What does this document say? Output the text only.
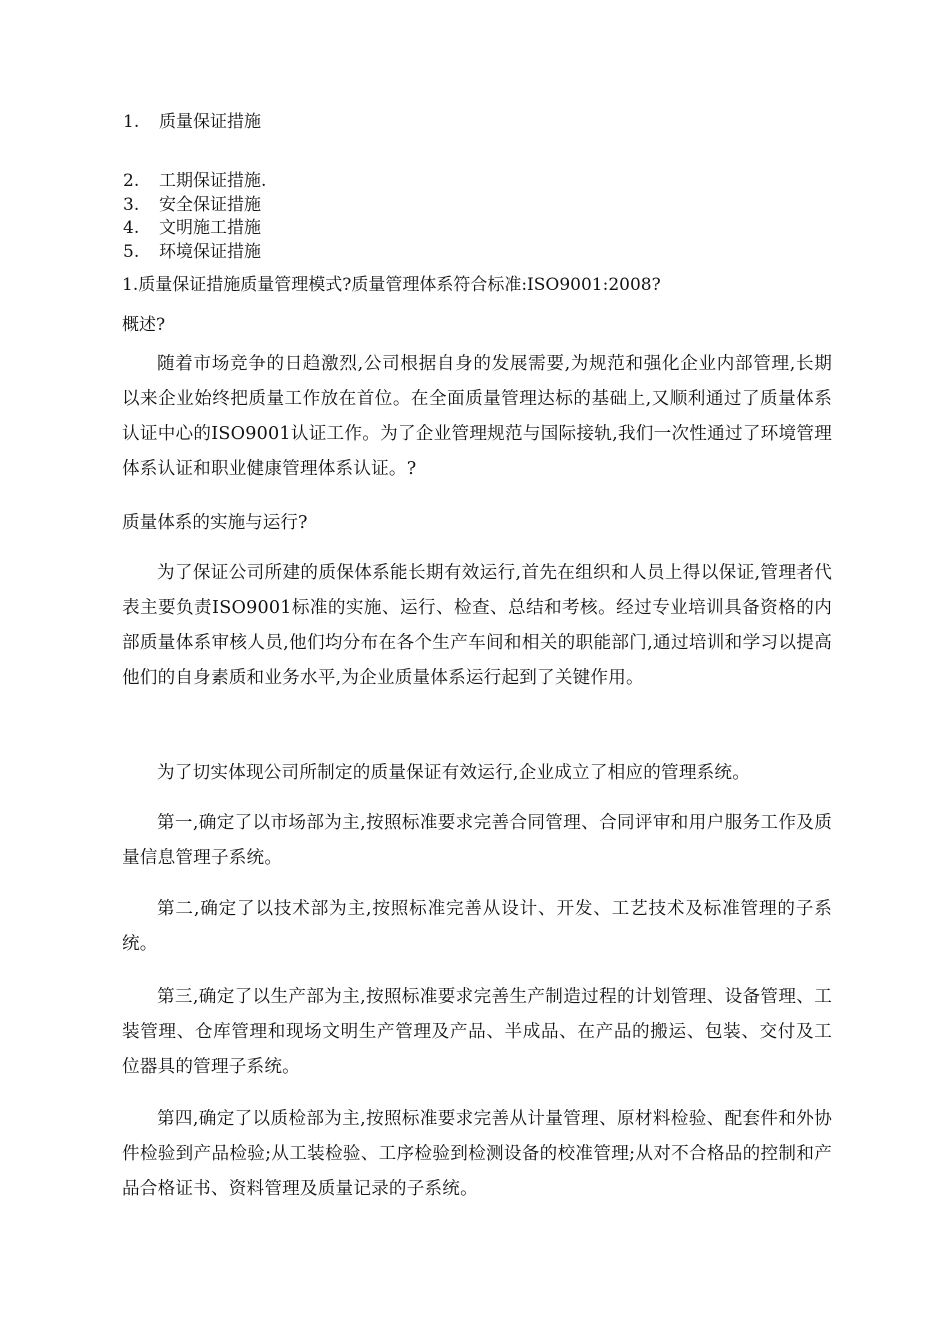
1. 质量保证措施
2. 工期保证措施.
3. 安全保证措施
4. 文明施工措施
5. 环境保证措施
1.质量保证措施质量管理模式?质量管理体系符合标准:ISO9001:2008?
概述?
随着市场竞争的日趋激烈,公司根据自身的发展需要,为规范和强化企业内部管理,长期以来企业始终把质量工作放在首位。在全面质量管理达标的基础上,又顺利通过了质量体系认证中心的ISO9001认证工作。为了企业管理规范与国际接轨,我们一次性通过了环境管理体系认证和职业健康管理体系认证。?
质量体系的实施与运行?
为了保证公司所建的质保体系能长期有效运行,首先在组织和人员上得以保证,管理者代表主要负责ISO9001标准的实施、运行、检查、总结和考核。经过专业培训具备资格的内部质量体系审核人员,他们均分布在各个生产车间和相关的职能部门,通过培训和学习以提高他们的自身素质和业务水平,为企业质量体系运行起到了关键作用。
为了切实体现公司所制定的质量保证有效运行,企业成立了相应的管理系统。
第一,确定了以市场部为主,按照标准要求完善合同管理、合同评审和用户服务工作及质量信息管理子系统。
第二,确定了以技术部为主,按照标准完善从设计、开发、工艺技术及标准管理的子系统。
第三,确定了以生产部为主,按照标准要求完善生产制造过程的计划管理、设备管理、工装管理、仓库管理和现场文明生产管理及产品、半成品、在产品的搬运、包装、交付及工位器具的管理子系统。
第四,确定了以质检部为主,按照标准要求完善从计量管理、原材料检验、配套件和外协件检验到产品检验;从工装检验、工序检验到检测设备的校准管理;从对不合格品的控制和产品合格证书、资料管理及质量记录的子系统。
